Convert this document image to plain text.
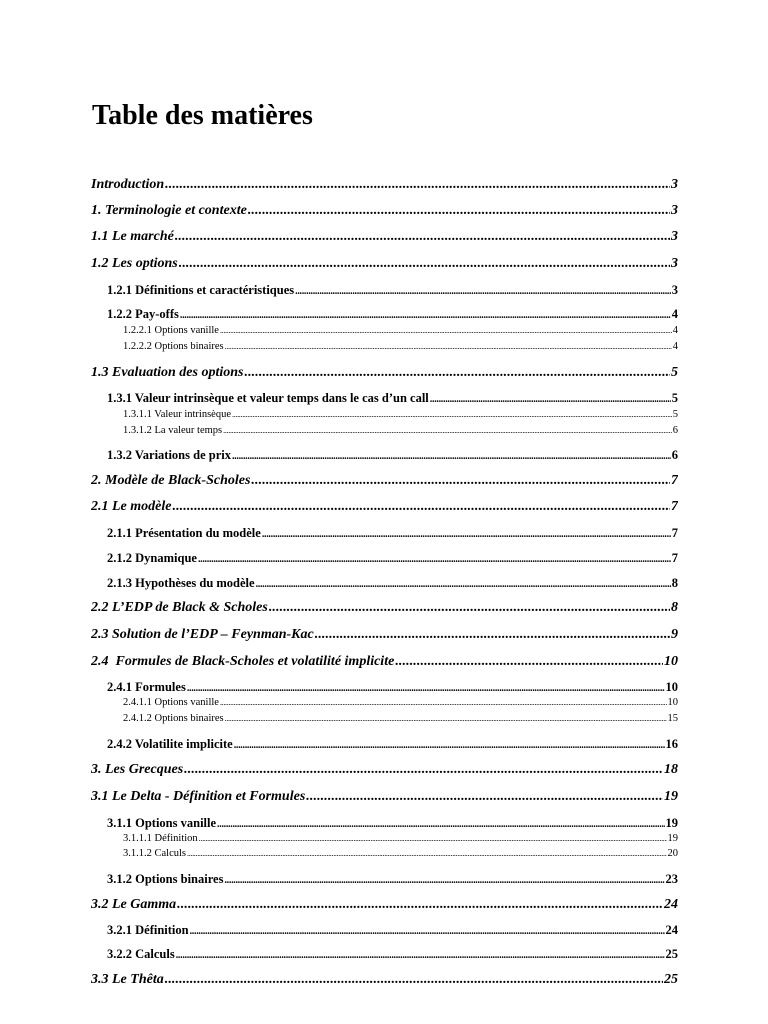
Table des matières
Introduction .....	3
1. Terminologie et contexte .....	3
1.1 Le marché .....	3
1.2 Les options .....	3
1.2.1 Définitions et caractéristiques .....	3
1.2.2 Pay-offs .....	4
1.2.2.1 Options vanille .....	4
1.2.2.2 Options binaires .....	4
1.3 Evaluation des options .....	5
1.3.1 Valeur intrinsèque et valeur temps dans le cas d’un call .....	5
1.3.1.1 Valeur intrinsèque .....	5
1.3.1.2 La valeur temps .....	6
1.3.2 Variations de prix .....	6
2. Modèle de Black-Scholes .....	7
2.1 Le modèle .....	7
2.1.1 Présentation du modèle .....	7
2.1.2 Dynamique .....	7
2.1.3 Hypothèses du modèle .....	8
2.2 L’EDP de Black & Scholes .....	8
2.3 Solution de l’EDP – Feynman-Kac .....	9
2.4  Formules de Black-Scholes et volatilité implicite .....	10
2.4.1 Formules .....	10
2.4.1.1 Options vanille .....	10
2.4.1.2 Options binaires .....	15
2.4.2 Volatilite implicite .....	16
3. Les Grecques .....	18
3.1 Le Delta - Définition et Formules .....	19
3.1.1 Options vanille .....	19
3.1.1.1 Définition .....	19
3.1.1.2 Calculs .....	20
3.1.2 Options binaires .....	23
3.2 Le Gamma .....	24
3.2.1 Définition .....	24
3.2.2 Calculs .....	25
3.3 Le Thêta .....	25
